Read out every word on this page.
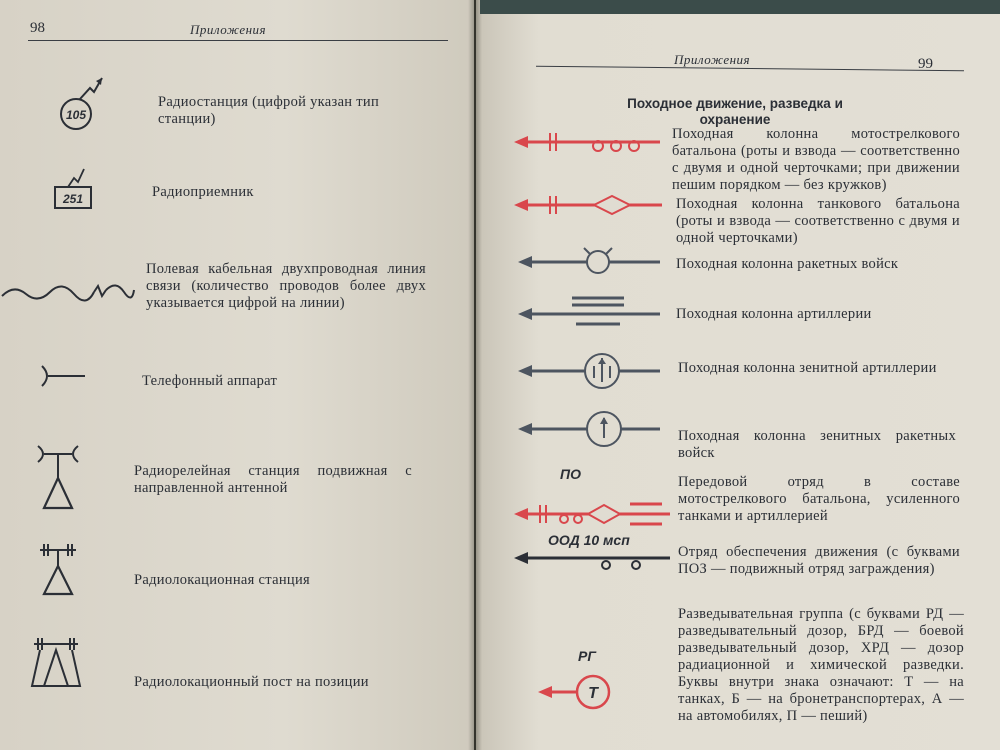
98	Приложения
105
Радиостанция (цифрой указан тип станции)
251	Радиоприемник
Полевая кабельная двухпроводная линия связи (количество проводов более двух указывается цифрой на линии)
Телефонный аппарат
Радиорелейная станция подвижная с направленной антенной
Радиолокационная станция
Радиолокационный пост на позиции
Приложения	99
Походное движение, разведка и охранение
Походная колонна мотострелкового батальона (роты и взвода — соответственно с двумя и одной черточками; при движении пешим порядком — без кружков)
Походная колонна танкового батальона (роты и взвода — соответственно с двумя и одной черточками)
Походная колонна ракетных войск
Походная колонна артиллерии
Походная колонна зенитной артиллерии
Походная колонна зенитных ракетных войск
ПО	Передовой отряд в составе мотострелкового батальона, усиленного танками и артиллерией
ООД 10 мсп
Отряд обеспечения движения (с буквами ПОЗ — подвижный отряд заграждения)
РГ
Т
Разведывательная группа (с буквами РД — разведывательный дозор, БРД — боевой разведывательный дозор, ХРД — дозор радиационной и химической разведки. Буквы внутри знака означают: Т — на танках, Б — на бронетранспортерах, А — на автомобилях, П — пеший)
